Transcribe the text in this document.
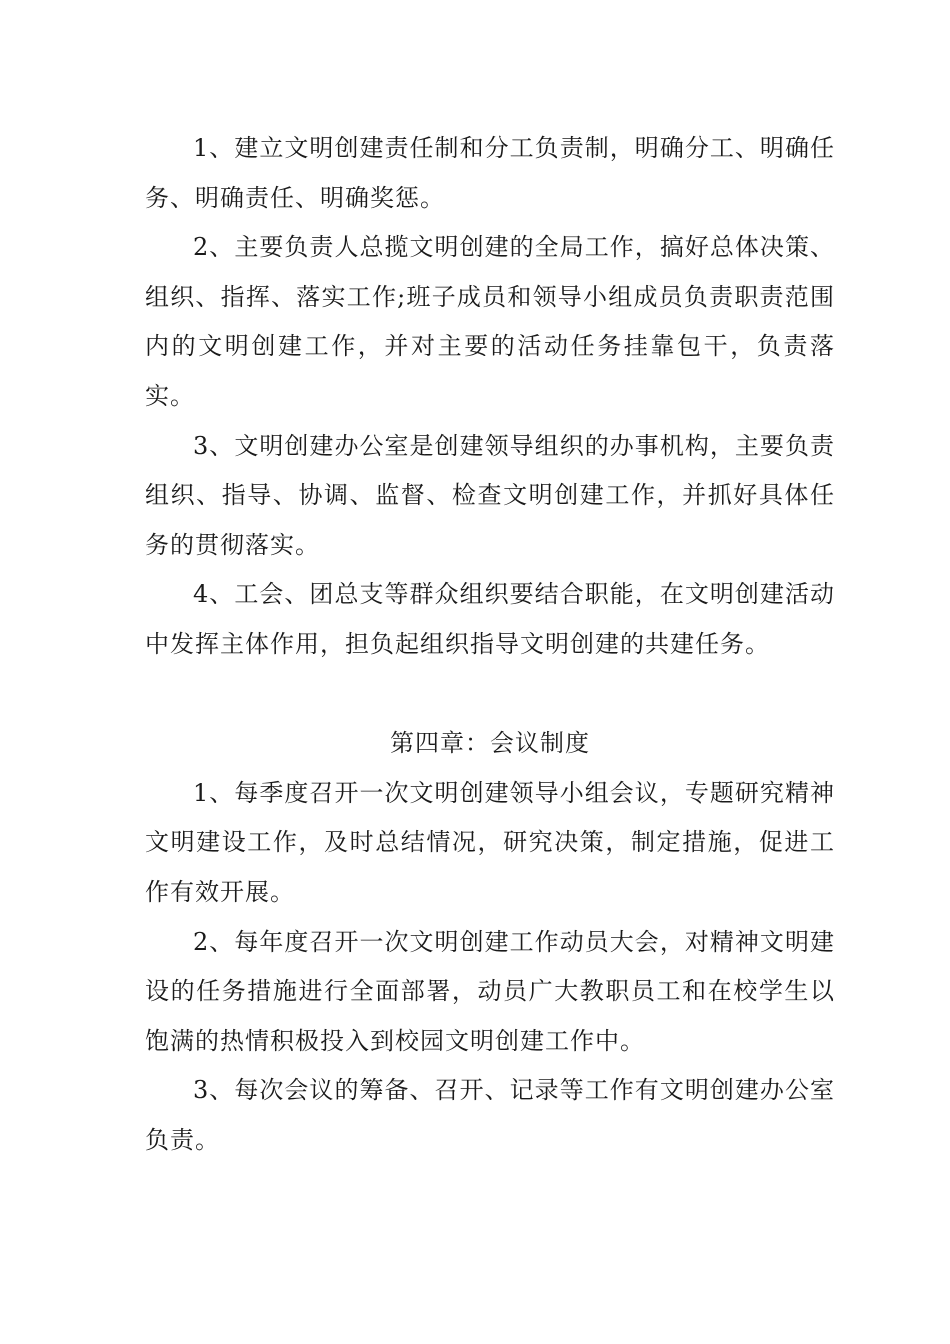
1、建立文明创建责任制和分工负责制，明确分工、明确任务、明确责任、明确奖惩。

2、主要负责人总揽文明创建的全局工作，搞好总体决策、组织、指挥、落实工作;班子成员和领导小组成员负责职责范围内的文明创建工作，并对主要的活动任务挂靠包干，负责落实。

3、文明创建办公室是创建领导组织的办事机构，主要负责组织、指导、协调、监督、检查文明创建工作，并抓好具体任务的贯彻落实。

4、工会、团总支等群众组织要结合职能，在文明创建活动中发挥主体作用，担负起组织指导文明创建的共建任务。

第四章：会议制度

1、每季度召开一次文明创建领导小组会议，专题研究精神文明建设工作，及时总结情况，研究决策，制定措施，促进工作有效开展。

2、每年度召开一次文明创建工作动员大会，对精神文明建设的任务措施进行全面部署，动员广大教职员工和在校学生以饱满的热情积极投入到校园文明创建工作中。

3、每次会议的筹备、召开、记录等工作有文明创建办公室负责。
